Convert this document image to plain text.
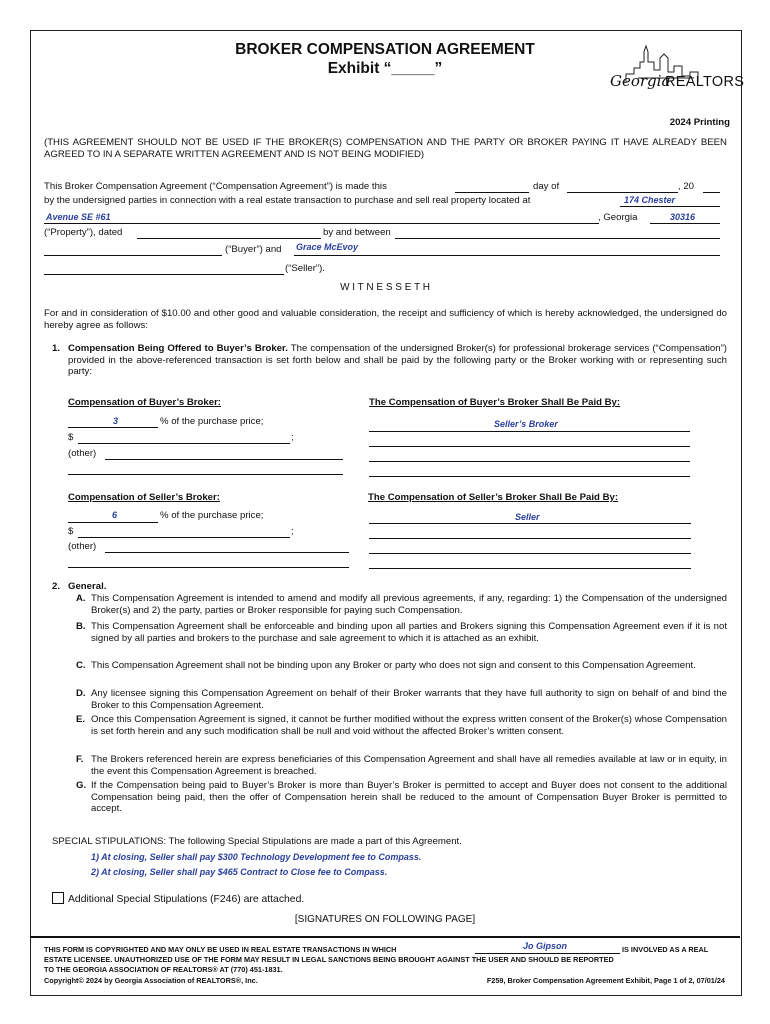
BROKER COMPENSATION AGREEMENT
Exhibit “_____”
Georgia
REALTORS
2024 Printing
(THIS AGREEMENT SHOULD NOT BE USED IF THE BROKER(S) COMPENSATION AND THE PARTY OR BROKER PAYING IT HAVE ALREADY BEEN AGREED TO IN A SEPARATE WRITTEN AGREEMENT AND IS NOT BEING MODIFIED)
This Broker Compensation Agreement (“Compensation Agreement”) is made this	day of	, 20
by the undersigned parties in connection with a real estate transaction to purchase and sell real property located at	174 Chester
Avenue SE #61	, Georgia	30316
(“Property”), dated	by and between
(“Buyer”) and Grace McEvoy
(“Seller”).
W I T N E S S E T H
For and in consideration of $10.00 and other good and valuable consideration, the receipt and sufficiency of which is hereby acknowledged, the undersigned do hereby agree as follows:
1. Compensation Being Offered to Buyer’s Broker. The compensation of the undersigned Broker(s) for professional brokerage services (“Compensation”) provided in the above-referenced transaction is set forth below and shall be paid by the following party or the Broker working with or representing such party:
Compensation of Buyer’s Broker:	The Compensation of Buyer’s Broker Shall Be Paid By:
3	% of the purchase price;
$	;
(other)
Seller’s Broker
Compensation of Seller’s Broker:	The Compensation of Seller’s Broker Shall Be Paid By:
6	% of the purchase price;
$	;
(other)
Seller
2. General.
A. This Compensation Agreement is intended to amend and modify all previous agreements, if any, regarding: 1) the Compensation of the undersigned Broker(s) and 2) the party, parties or Broker responsible for paying such Compensation.
B. This Compensation Agreement shall be enforceable and binding upon all parties and Brokers signing this Compensation Agreement even if it is not signed by all parties and brokers to the purchase and sale agreement to which it is attached as an exhibit.
C. This Compensation Agreement shall not be binding upon any Broker or party who does not sign and consent to this Compensation Agreement.
D. Any licensee signing this Compensation Agreement on behalf of their Broker warrants that they have full authority to sign on behalf of and bind the Broker to this Compensation Agreement.
E. Once this Compensation Agreement is signed, it cannot be further modified without the express written consent of the Broker(s) whose Compensation is set forth herein and any such modification shall be null and void without the affected Broker’s written consent.
F. The Brokers referenced herein are express beneficiaries of this Compensation Agreement and shall have all remedies available at law or in equity, in the event this Compensation Agreement is breached.
G. If the Compensation being paid to Buyer’s Broker is more than Buyer’s Broker is permitted to accept and Buyer does not consent to the additional Compensation being paid, then the offer of Compensation herein shall be reduced to the amount of Compensation Buyer Broker is permitted to accept.
SPECIAL STIPULATIONS: The following Special Stipulations are made a part of this Agreement.
1) At closing, Seller shall pay $300 Technology Development fee to Compass.
2) At closing, Seller shall pay $465 Contract to Close fee to Compass.
Additional Special Stipulations (F246) are attached.
[SIGNATURES ON FOLLOWING PAGE]
THIS FORM IS COPYRIGHTED AND MAY ONLY BE USED IN REAL ESTATE TRANSACTIONS IN WHICH	Jo Gipson	IS INVOLVED AS A REAL
ESTATE LICENSEE. UNAUTHORIZED USE OF THE FORM MAY RESULT IN LEGAL SANCTIONS BEING BROUGHT AGAINST THE USER AND SHOULD BE REPORTED
TO THE GEORGIA ASSOCIATION OF REALTORS® AT (770) 451-1831.
Copyright© 2024 by Georgia Association of REALTORS®, Inc.	F259, Broker Compensation Agreement Exhibit, Page 1 of 2, 07/01/24
